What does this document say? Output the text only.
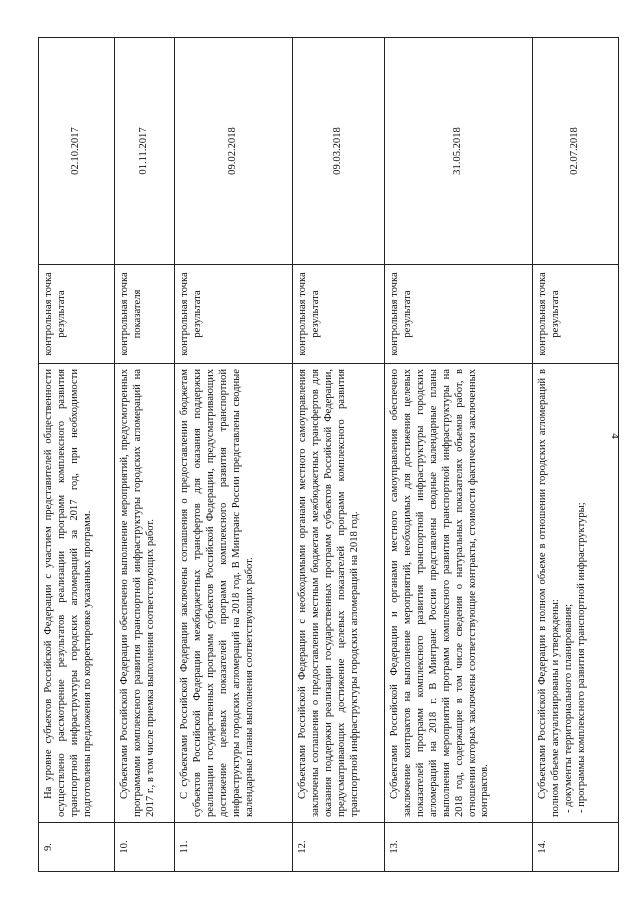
4
9.	На уровне субъектов Российской Федерации с участием представителей общественности осуществлено рассмотрение результатов реализации программ комплексного развития транспортной инфраструктуры городских агломераций за 2017 год, при необходимости подготовлены предложения по корректировке указанных программ.	контрольная точка результата	02.10.2017
10.	Субъектами Российской Федерации обеспечено выполнение мероприятий, предусмотренных программами комплексного развития транспортной инфраструктуры городских агломераций на 2017 г., в том числе приемка выполнения соответствующих работ.	контрольная точка показателя	01.11.2017
11.	С субъектами Российской Федерации заключены соглашения о предоставлении бюджетам субъектов Российской Федерации межбюджетных трансфертов для оказания поддержки реализации государственных программ субъектов Российской Федерации, предусматривающих достижение целевых показателей программ комплексного развития транспортной инфраструктуры городских агломераций на 2018 год. В Минтранс России представлены сводные календарные планы выполнения соответствующих работ.	контрольная точка результата	09.02.2018
12.	Субъектами Российской Федерации с необходимыми органами местного самоуправления заключены соглашения о предоставлении местным бюджетам межбюджетных трансфертов для оказания поддержки реализации государственных программ субъектов Российской Федерации, предусматривающих достижение целевых показателей программ комплексного развития транспортной инфраструктуры городских агломераций на 2018 год.	контрольная точка результата	09.03.2018
13.	Субъектами Российской Федерации и органами местного самоуправления обеспечено заключение контрактов на выполнение мероприятий, необходимых для достижения целевых показателей программ комплексного развития транспортной инфраструктуры городских агломераций на 2018 г. В Минтранс России представлены сводные календарные планы выполнения мероприятий программ комплексного развития транспортной инфраструктуры на 2018 год, содержащие в том числе сведения о натуральных показателях объемов работ, в отношении которых заключены соответствующие контракты, стоимости фактически заключенных контрактов.	контрольная точка результата	31.05.2018
14.	Субъектами Российской Федерации в полном объеме в отношении городских агломераций в полном объеме актуализированы и утверждены: - документы территориального планирования; - программы комплексного развития транспортной инфраструктуры;	контрольная точка результата	02.07.2018
